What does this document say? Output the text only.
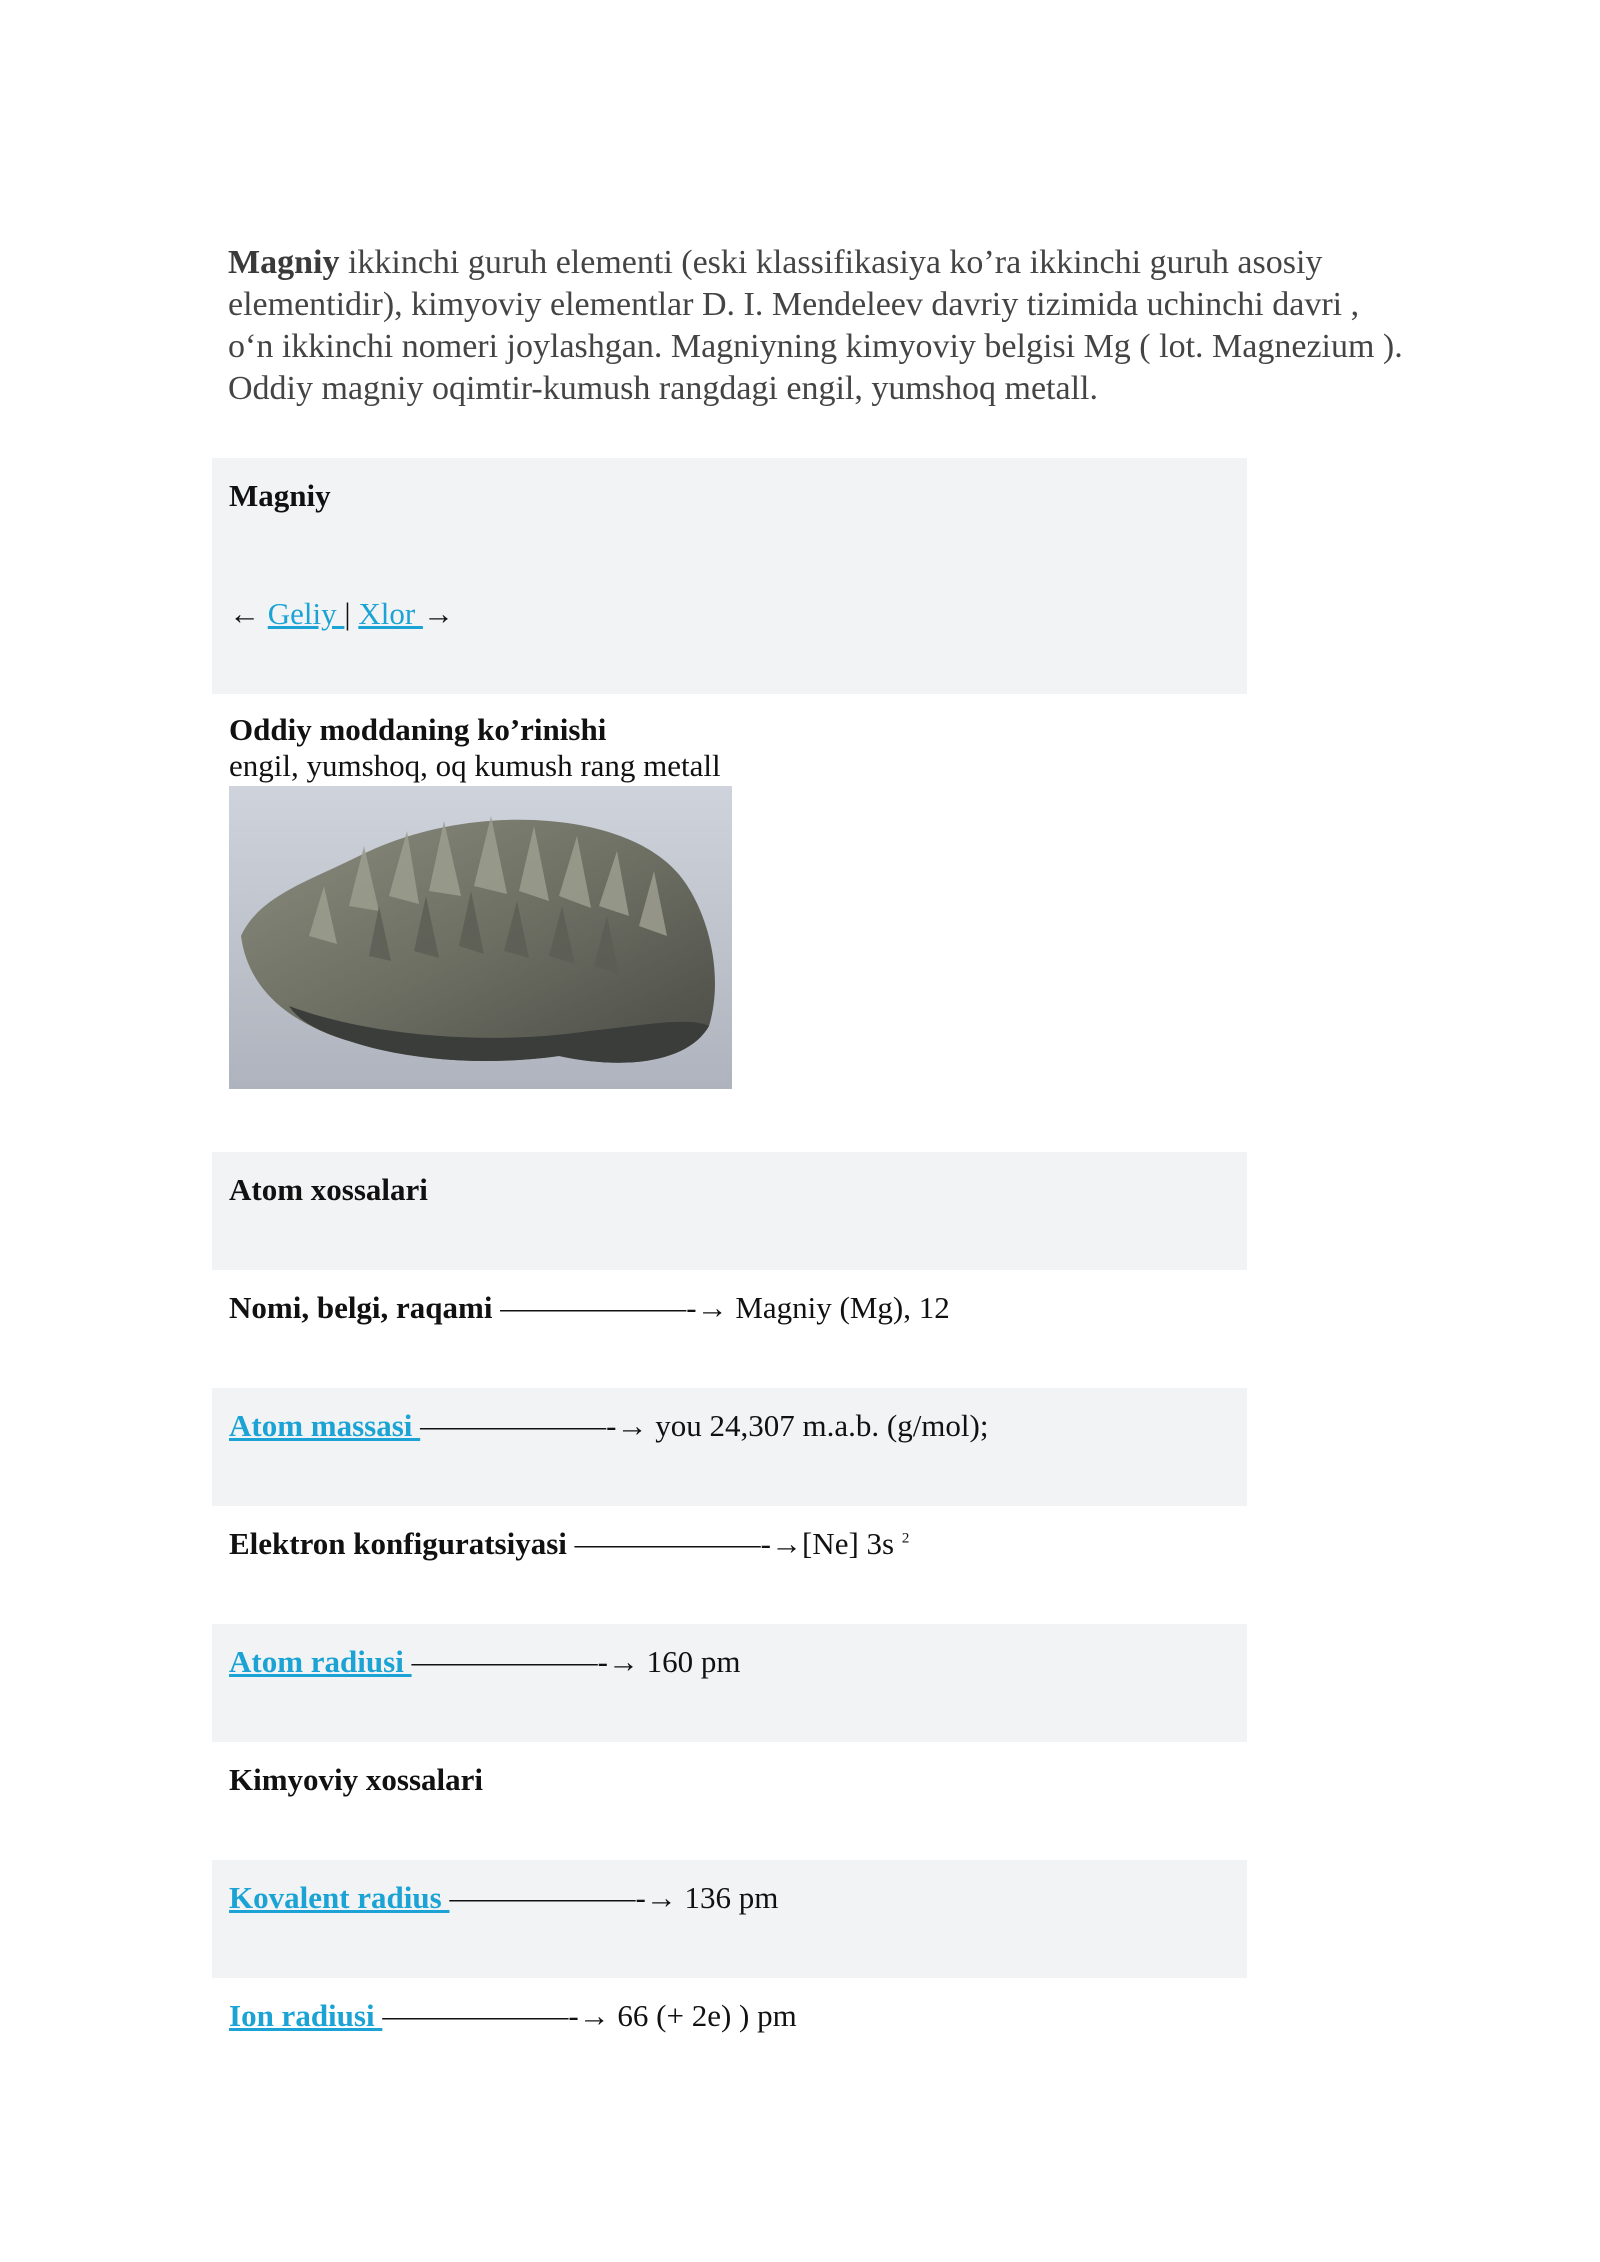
Magniy ikkinchi guruh elementi (eski klassifikasiya ko’ra ikkinchi guruh asosiy
elementidir), kimyoviy elementlar D. I. Mendeleev davriy tizimida uchinchi davri ,
o‘n ikkinchi nomeri joylashgan. Magniyning kimyoviy belgisi Mg ( lot. Magnezium ).
Oddiy magniy oqimtir-kumush rangdagi engil, yumshoq metall.
Magniy
← Geliy | Xlor →
Oddiy moddaning ko’rinishi
engil, yumshoq, oq kumush rang metall
Atom xossalari
Nomi, belgi, raqami ——————-→ Magniy (Mg), 12
Atom massasi ——————-→ you 24,307 m.a.b. (g/mol);
Elektron konfiguratsiyasi ——————-→[Ne] 3s $^2$
Atom radiusi ——————-→ 160 pm
Kimyoviy xossalari
Kovalent radius ——————-→ 136 pm
Ion radiusi ——————-→ 66 (+ 2e) ) pm
